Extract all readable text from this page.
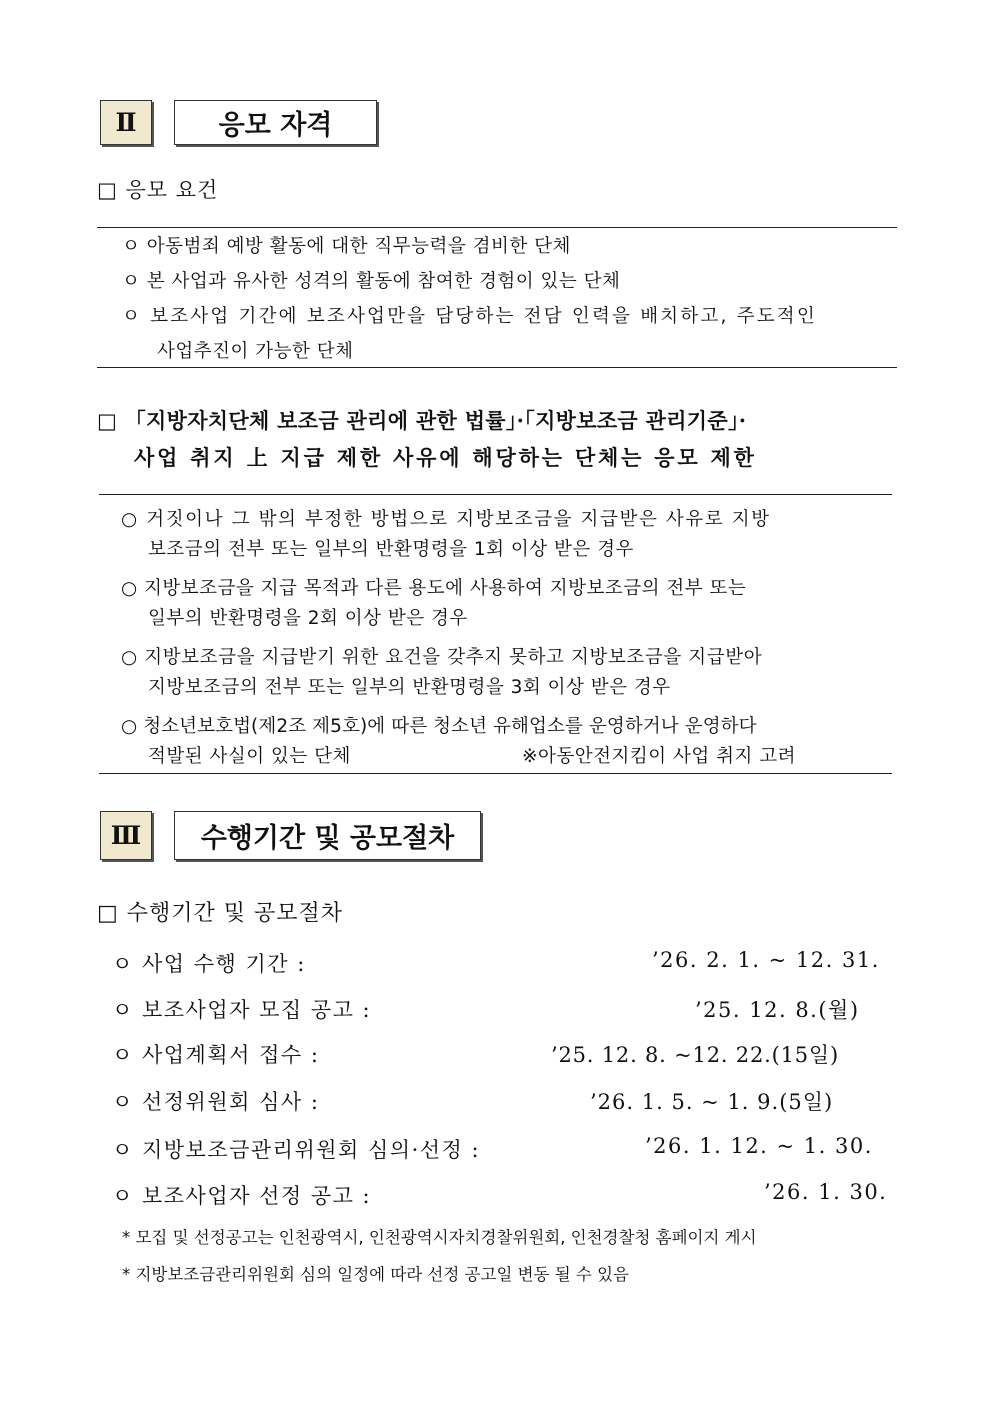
Ⅱ	응모 자격
□ 응모 요건
ㅇ 아동범죄 예방 활동에 대한 직무능력을 겸비한 단체
ㅇ 본 사업과 유사한 성격의 활동에 참여한 경험이 있는 단체
ㅇ 보조사업 기간에 보조사업만을 담당하는 전담 인력을 배치하고, 주도적인
사업추진이 가능한 단체
□ 「지방자치단체 보조금 관리에 관한 법률」·「지방보조금 관리기준」·
사업 취지 上 지급 제한 사유에 해당하는 단체는 응모 제한
○ 거짓이나 그 밖의 부정한 방법으로 지방보조금을 지급받은 사유로 지방
보조금의 전부 또는 일부의 반환명령을 1회 이상 받은 경우
○ 지방보조금을 지급 목적과 다른 용도에 사용하여 지방보조금의 전부 또는
일부의 반환명령을 2회 이상 받은 경우
○ 지방보조금을 지급받기 위한 요건을 갖추지 못하고 지방보조금을 지급받아
지방보조금의 전부 또는 일부의 반환명령을 3회 이상 받은 경우
○ 청소년보호법(제2조 제5호)에 따른 청소년 유해업소를 운영하거나 운영하다
적발된 사실이 있는 단체	※아동안전지킴이 사업 취지 고려
Ⅲ	수행기간 및 공모절차
□ 수행기간 및 공모절차
ㅇ 사업 수행 기간 :	’26. 2. 1. ~ 12. 31.
ㅇ 보조사업자 모집 공고 :	’25. 12. 8.(월)
ㅇ 사업계획서 접수 :	’25. 12. 8. ~12. 22.(15일)
ㅇ 선정위원회 심사 :	’26. 1. 5. ~ 1. 9.(5일)
ㅇ 지방보조금관리위원회 심의·선정 :	’26. 1. 12. ~ 1. 30.
ㅇ 보조사업자 선정 공고 :	’26. 1. 30.
* 모집 및 선정공고는 인천광역시, 인천광역시자치경찰위원회, 인천경찰청 홈페이지 게시
* 지방보조금관리위원회 심의 일정에 따라 선정 공고일 변동 될 수 있음
